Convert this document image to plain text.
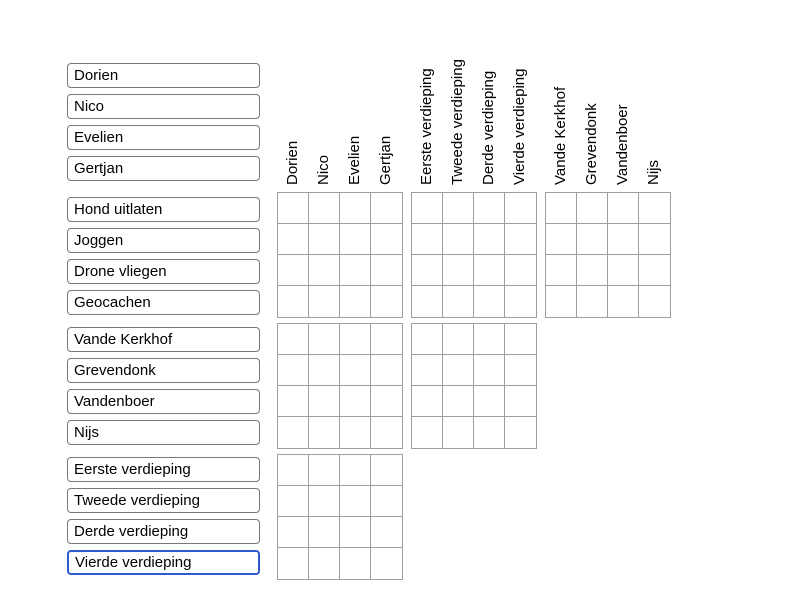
Dorien
Nico
Evelien
Gertjan
Hond uitlaten
Joggen
Drone vliegen
Geocachen
Vande Kerkhof
Grevendonk
Vandenboer
Nijs
Eerste verdieping
Tweede verdieping
Derde verdieping
Vierde verdieping
Dorien Nico Evelien Gertjan	Eerste verdieping Tweede verdieping Derde verdieping Vierde verdieping	Vande Kerkhof Grevendonk Vandenboer Nijs
